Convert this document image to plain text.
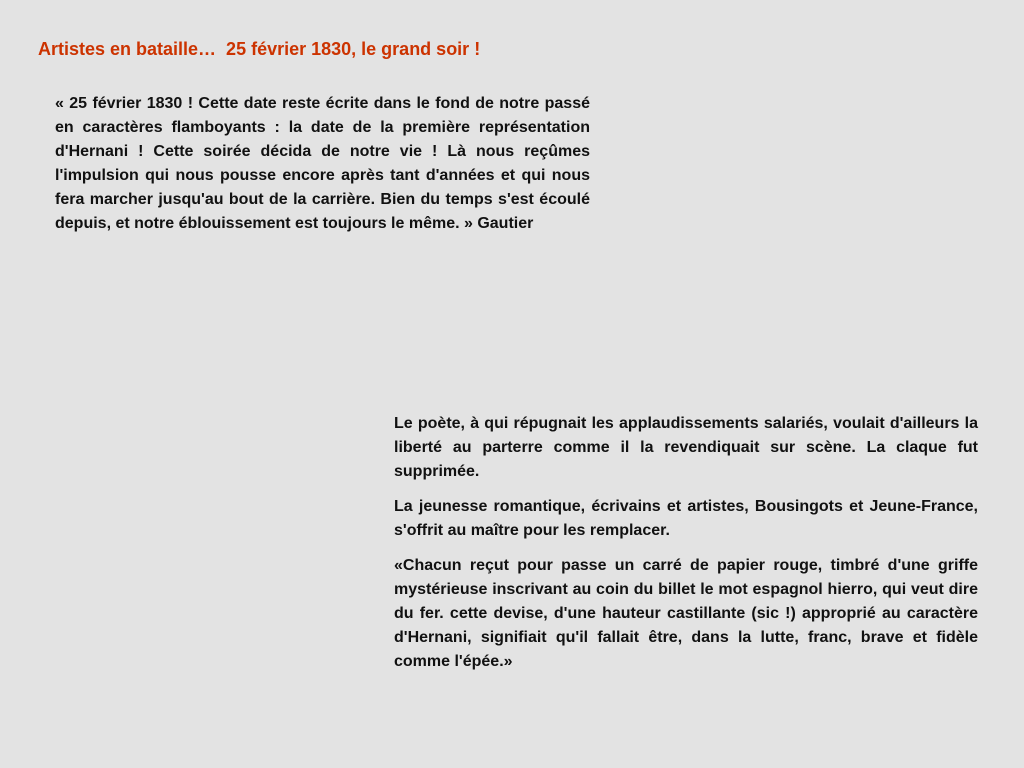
Artistes en bataille…  25 février 1830, le grand soir !

« 25 février 1830 ! Cette date reste écrite dans le fond de notre passé en caractères flamboyants : la date de la première représentation d'Hernani ! Cette soirée décida de notre vie ! Là nous reçûmes l'impulsion qui nous pousse encore après tant d'années et qui nous fera marcher jusqu'au bout de la carrière. Bien du temps s'est écoulé depuis, et notre éblouissement est toujours le même. » Gautier

Le poète, à qui répugnait les applaudissements salariés, voulait d'ailleurs la liberté au parterre comme il la revendiquait sur scène. La claque fut supprimée.

La jeunesse romantique, écrivains et artistes, Bousingots et Jeune-France, s'offrit au maître pour les remplacer.

«Chacun reçut pour passe un carré de papier rouge, timbré d'une griffe mystérieuse inscrivant au coin du billet le mot espagnol hierro, qui veut dire du fer. cette devise, d'une hauteur castillante (sic !) approprié au caractère d'Hernani, signifiait qu'il fallait être, dans la lutte, franc, brave et fidèle comme l'épée.»
